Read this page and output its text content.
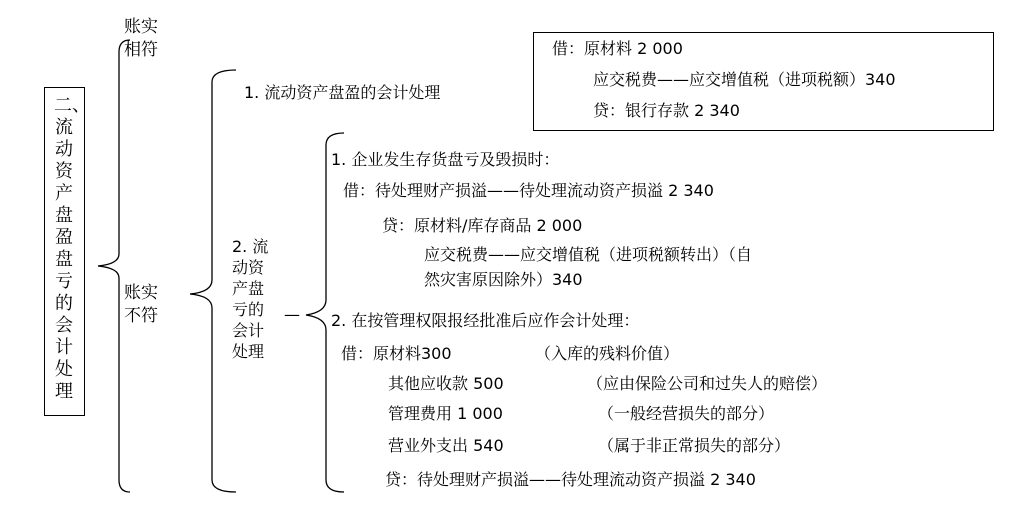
二、流动资产盘盈盘亏的会计处理
账实
相符
账实
不符
1. 流动资产盘盈的会计处理
借：原材料 2 000
应交税费——应交增值税（进项税额）340
贷：银行存款 2 340
2. 流
动资
产盘
亏的
会计
处理
—
1. 企业发生存货盘亏及毁损时：
借：待处理财产损溢——待处理流动资产损溢 2 340
贷：原材料/库存商品 2 000
应交税费——应交增值税（进项税额转出）（自
然灾害原因除外）340
2. 在按管理权限报经批准后应作会计处理：
借：原材料300	（入库的残料价值）
其他应收款 500	（应由保险公司和过失人的赔偿）
管理费用 1 000	（一般经营损失的部分）
营业外支出 540	（属于非正常损失的部分）
贷：待处理财产损溢——待处理流动资产损溢 2 340
